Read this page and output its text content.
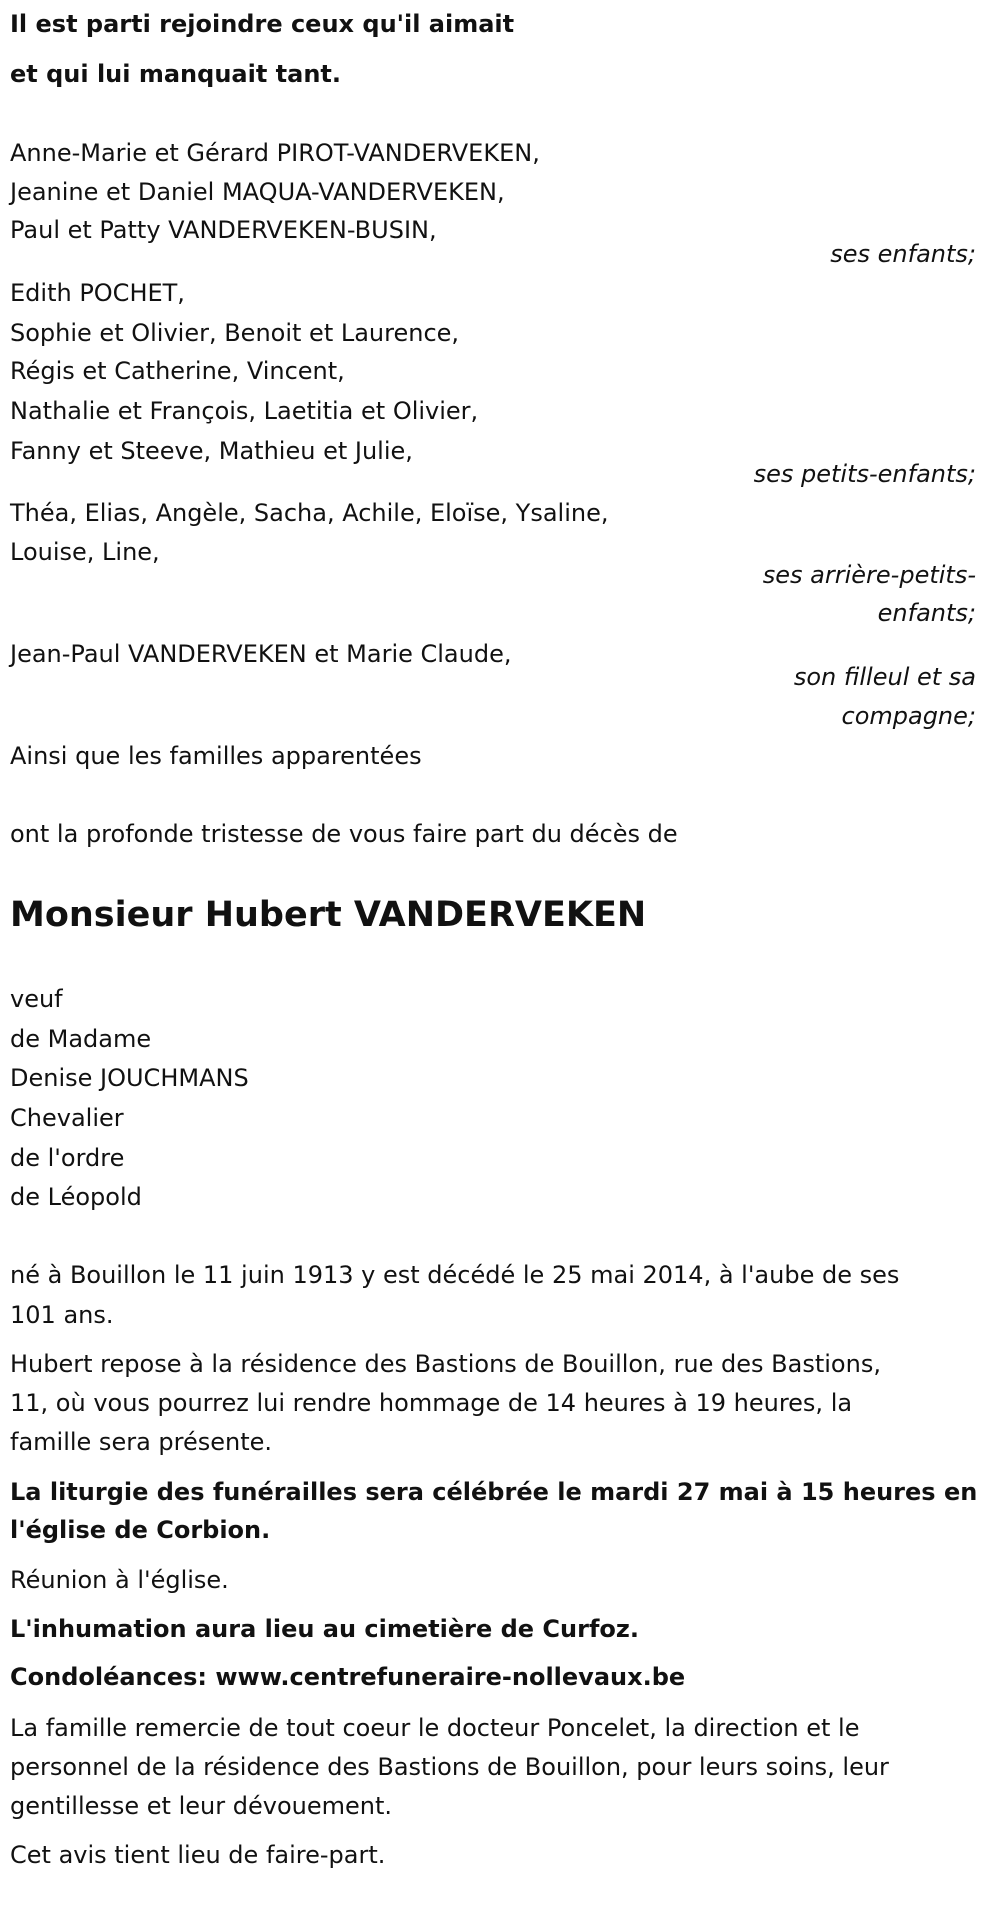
Il est parti rejoindre ceux qu'il aimait
et qui lui manquait tant.
Anne-Marie et Gérard PIROT-VANDERVEKEN,
Jeanine et Daniel MAQUA-VANDERVEKEN,
Paul et Patty VANDERVEKEN-BUSIN,
ses enfants;
Edith POCHET,
Sophie et Olivier, Benoit et Laurence,
Régis et Catherine, Vincent,
Nathalie et François, Laetitia et Olivier,
Fanny et Steeve, Mathieu et Julie,
ses petits-enfants;
Théa, Elias, Angèle, Sacha, Achile, Eloïse, Ysaline,
Louise, Line,
ses arrière-petits-
enfants;
Jean-Paul VANDERVEKEN et Marie Claude,
son filleul et sa
compagne;
Ainsi que les familles apparentées
ont la profonde tristesse de vous faire part du décès de
Monsieur Hubert VANDERVEKEN
veuf
de Madame
Denise JOUCHMANS
Chevalier
de l'ordre
de Léopold
né à Bouillon le 11 juin 1913 y est décédé le 25 mai 2014, à l'aube de ses
101 ans.
Hubert repose à la résidence des Bastions de Bouillon, rue des Bastions,
11, où vous pourrez lui rendre hommage de 14 heures à 19 heures, la
famille sera présente.
La liturgie des funérailles sera célébrée le mardi 27 mai à 15 heures en
l'église de Corbion.
Réunion à l'église.
L'inhumation aura lieu au cimetière de Curfoz.
Condoléances: www.centrefuneraire-nollevaux.be
La famille remercie de tout coeur le docteur Poncelet, la direction et le
personnel de la résidence des Bastions de Bouillon, pour leurs soins, leur
gentillesse et leur dévouement.
Cet avis tient lieu de faire-part.
